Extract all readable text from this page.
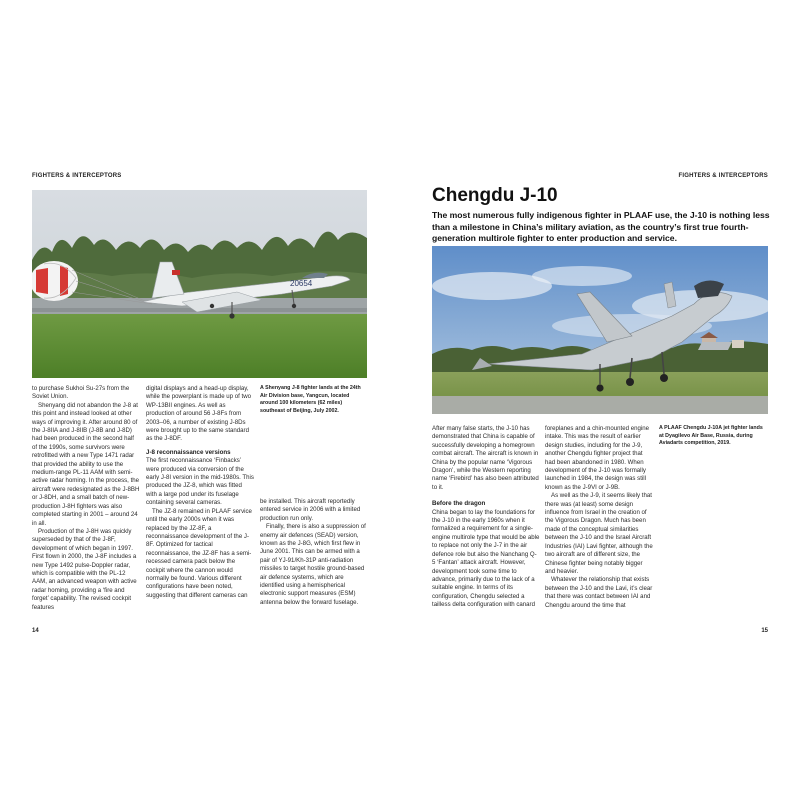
FIGHTERS & INTERCEPTORS
20654
A Shenyang J-8 fighter lands at the 24th Air Division base, Yangcun, located around 100 kilometers (62 miles) southeast of Beijing, July 2002.

to purchase Sukhoi Su-27s from the Soviet Union.

Shenyang did not abandon the J-8 at this point and instead looked at other ways of improving it. After around 80 of the J-8IIA and J-8IIB (J-8B and J-8D) had been produced in the second half of the 1990s, some survivors were retrofitted with a new Type 1471 radar that provided the ability to use the medium-range PL-11 AAM with semi-active radar homing. In the process, the aircraft were redesignated as the J-8BH or J-8DH, and a small batch of new-production J-8H fighters was also completed starting in 2001 – around 24 in all.

Production of the J-8H was quickly superseded by that of the J-8F, development of which began in 1997. First flown in 2000, the J-8F includes a new Type 1492 pulse-Doppler radar, which is compatible with the PL-12 AAM, an advanced weapon with active radar homing, providing a ‘fire and forget’ capability. The revised cockpit features

digital displays and a head-up display, while the powerplant is made up of two WP-13BII engines. As well as production of around 56 J-8Fs from 2003–06, a number of existing J-8Ds were brought up to the same standard as the J-8DF.

J-8 reconnaissance versions

The first reconnaissance ‘Finbacks’ were produced via conversion of the early J-8I version in the mid-1980s. This produced the JZ-8, which was fitted with a large pod under its fuselage containing several cameras.

The JZ-8 remained in PLAAF service until the early 2000s when it was replaced by the JZ-8F, a reconnaissance development of the J-8F. Optimized for tactical reconnaissance, the JZ-8F has a semi-recessed camera pack below the cockpit where the cannon would normally be found. Various different configurations have been noted, suggesting that different cameras can

be installed. This aircraft reportedly entered service in 2006 with a limited production run only.

Finally, there is also a suppression of enemy air defences (SEAD) version, known as the J-8G, which first flew in June 2001. This can be armed with a pair of YJ-91/Kh-31P anti-radiation missiles to target hostile ground-based air defence systems, which are identified using a hemispherical electronic support measures (ESM) antenna below the forward fuselage.

14
FIGHTERS & INTERCEPTORS
Chengdu J-10

The most numerous fully indigenous fighter in PLAAF use, the J-10 is nothing less than a milestone in China’s military aviation, as the country’s first true fourth-generation multirole fighter to enter production and service.

A PLAAF Chengdu J-10A jet fighter lands at Dyagilevo Air Base, Russia, during Aviadarts competition, 2019.

After many false starts, the J-10 has demonstrated that China is capable of successfully developing a homegrown combat aircraft. The aircraft is known in China by the popular name ‘Vigorous Dragon’, while the Western reporting name ‘Firebird’ has also been attributed to it.

Before the dragon

China began to lay the foundations for the J-10 in the early 1960s when it formalized a requirement for a single-engine multirole type that would be able to replace not only the J-7 in the air defence role but also the Nanchang Q-5 ‘Fantan’ attack aircraft. However, development took some time to advance, primarily due to the lack of a suitable engine. In terms of its configuration, Chengdu selected a tailless delta configuration with canard

foreplanes and a chin-mounted engine intake. This was the result of earlier design studies, including for the J-9, another Chengdu fighter project that had been abandoned in 1980. When development of the J-10 was formally launched in 1984, the design was still known as the J-9VI or J-9B.

As well as the J-9, it seems likely that there was (at least) some design influence from Israel in the creation of the Vigorous Dragon. Much has been made of the conceptual similarities between the J-10 and the Israel Aircraft Industries (IAI) Lavi fighter, although the two aircraft are of different size, the Chinese fighter being notably bigger and heavier.

Whatever the relationship that exists between the J-10 and the Lavi, it’s clear that there was contact between IAI and Chengdu around the time that

15
